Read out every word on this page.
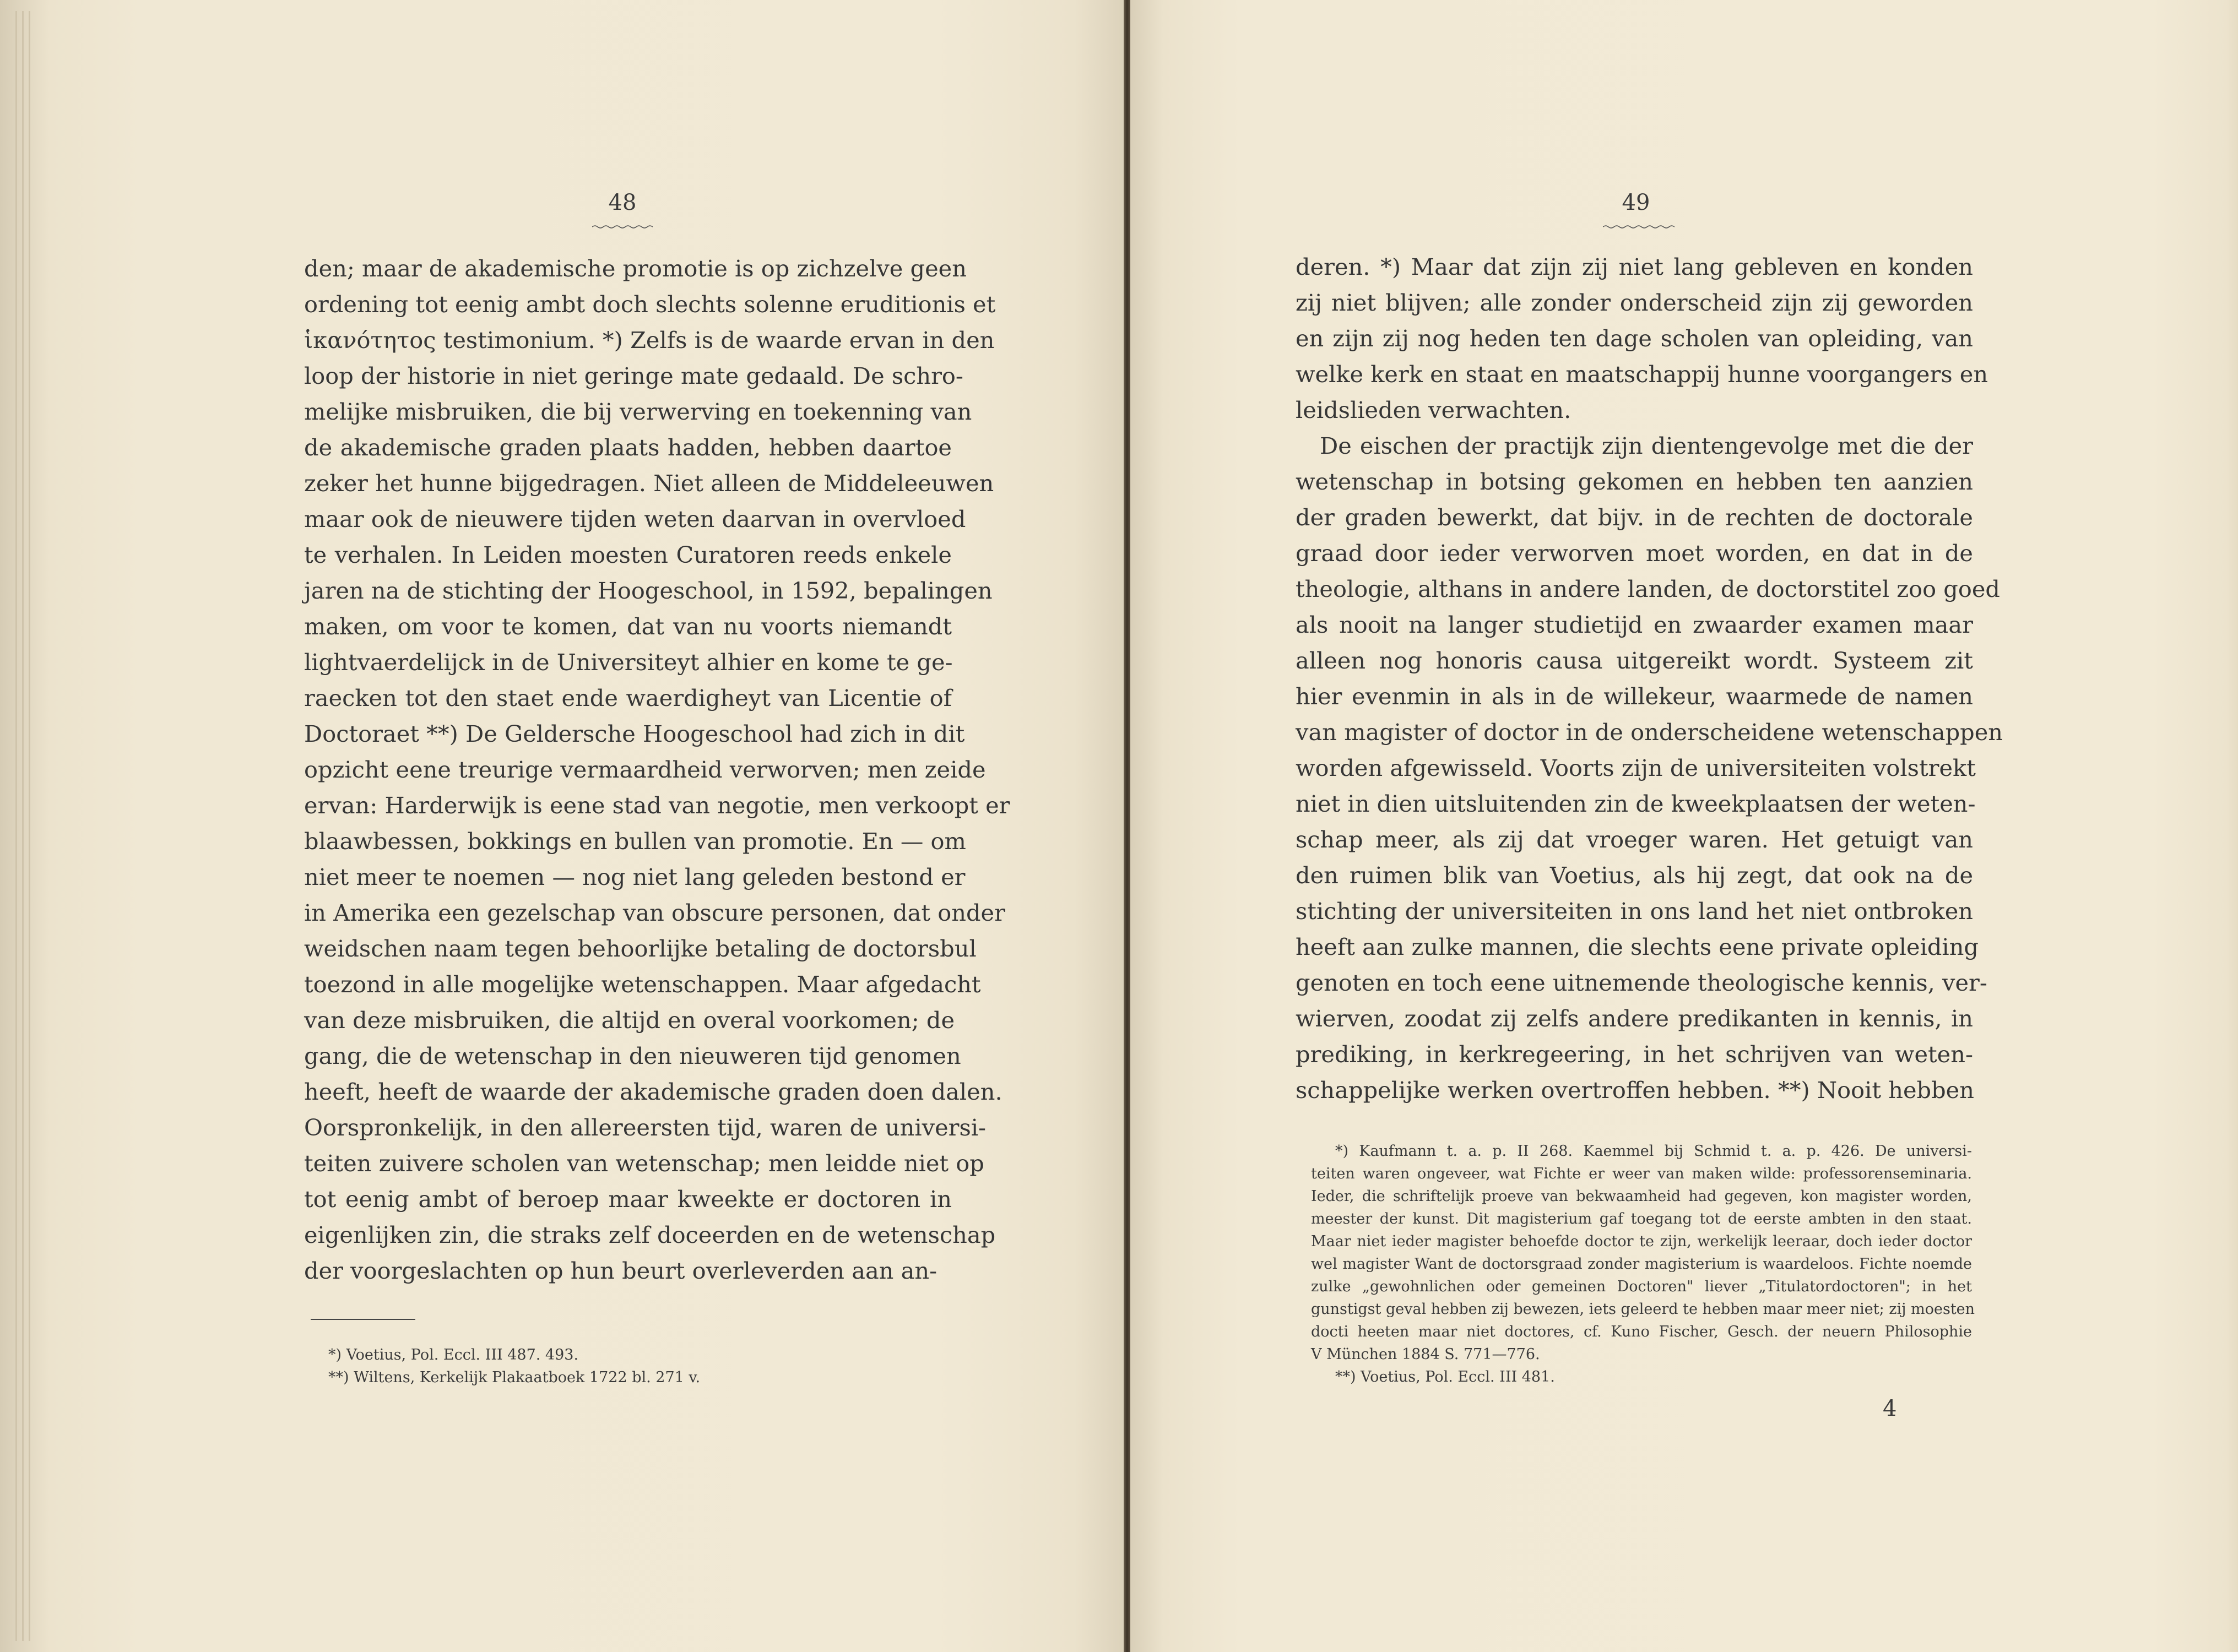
48
den; maar de akademische promotie is op zichzelve geen
ordening tot eenig ambt doch slechts solenne eruditionis et
ἱκανότητος testimonium. *) Zelfs is de waarde ervan in den
loop der historie in niet geringe mate gedaald. De schro-
melijke misbruiken, die bij verwerving en toekenning van
de akademische graden plaats hadden, hebben daartoe
zeker het hunne bijgedragen. Niet alleen de Middeleeuwen
maar ook de nieuwere tijden weten daarvan in overvloed
te verhalen. In Leiden moesten Curatoren reeds enkele
jaren na de stichting der Hoogeschool, in 1592, bepalingen
maken, om voor te komen, dat van nu voorts niemandt
lightvaerdelijck in de Universiteyt alhier en kome te ge-
raecken tot den staet ende waerdigheyt van Licentie of
Doctoraet **) De Geldersche Hoogeschool had zich in dit
opzicht eene treurige vermaardheid verworven; men zeide
ervan: Harderwijk is eene stad van negotie, men verkoopt er
blaawbessen, bokkings en bullen van promotie. En — om
niet meer te noemen — nog niet lang geleden bestond er
in Amerika een gezelschap van obscure personen, dat onder
weidschen naam tegen behoorlijke betaling de doctorsbul
toezond in alle mogelijke wetenschappen. Maar afgedacht
van deze misbruiken, die altijd en overal voorkomen; de
gang, die de wetenschap in den nieuweren tijd genomen
heeft, heeft de waarde der akademische graden doen dalen.
Oorspronkelijk, in den allereersten tijd, waren de universi-
teiten zuivere scholen van wetenschap; men leidde niet op
tot eenig ambt of beroep maar kweekte er doctoren in
eigenlijken zin, die straks zelf doceerden en de wetenschap
der voorgeslachten op hun beurt overleverden aan an-
*) Voetius, Pol. Eccl. III 487. 493.
**) Wiltens, Kerkelijk Plakaatboek 1722 bl. 271 v.
49
deren. *) Maar dat zijn zij niet lang gebleven en konden
zij niet blijven; alle zonder onderscheid zijn zij geworden
en zijn zij nog heden ten dage scholen van opleiding, van
welke kerk en staat en maatschappij hunne voorgangers en
leidslieden verwachten.
De eischen der practijk zijn dientengevolge met die der
wetenschap in botsing gekomen en hebben ten aanzien
der graden bewerkt, dat bijv. in de rechten de doctorale
graad door ieder verworven moet worden, en dat in de
theologie, althans in andere landen, de doctorstitel zoo goed
als nooit na langer studietijd en zwaarder examen maar
alleen nog honoris causa uitgereikt wordt. Systeem zit
hier evenmin in als in de willekeur, waarmede de namen
van magister of doctor in de onderscheidene wetenschappen
worden afgewisseld. Voorts zijn de universiteiten volstrekt
niet in dien uitsluitenden zin de kweekplaatsen der weten-
schap meer, als zij dat vroeger waren. Het getuigt van
den ruimen blik van Voetius, als hij zegt, dat ook na de
stichting der universiteiten in ons land het niet ontbroken
heeft aan zulke mannen, die slechts eene private opleiding
genoten en toch eene uitnemende theologische kennis, ver-
wierven, zoodat zij zelfs andere predikanten in kennis, in
prediking, in kerkregeering, in het schrijven van weten-
schappelijke werken overtroffen hebben. **) Nooit hebben
*) Kaufmann t. a. p. II 268. Kaemmel bij Schmid t. a. p. 426. De universi-
teiten waren ongeveer, wat Fichte er weer van maken wilde: professorenseminaria.
Ieder, die schriftelijk proeve van bekwaamheid had gegeven, kon magister worden,
meester der kunst. Dit magisterium gaf toegang tot de eerste ambten in den staat.
Maar niet ieder magister behoefde doctor te zijn, werkelijk leeraar, doch ieder doctor
wel magister Want de doctorsgraad zonder magisterium is waardeloos. Fichte noemde
zulke „gewohnlichen oder gemeinen Doctoren" liever „Titulatordoctoren"; in het
gunstigst geval hebben zij bewezen, iets geleerd te hebben maar meer niet; zij moesten
docti heeten maar niet doctores, cf. Kuno Fischer, Gesch. der neuern Philosophie
V München 1884 S. 771—776.
**) Voetius, Pol. Eccl. III 481.
4
